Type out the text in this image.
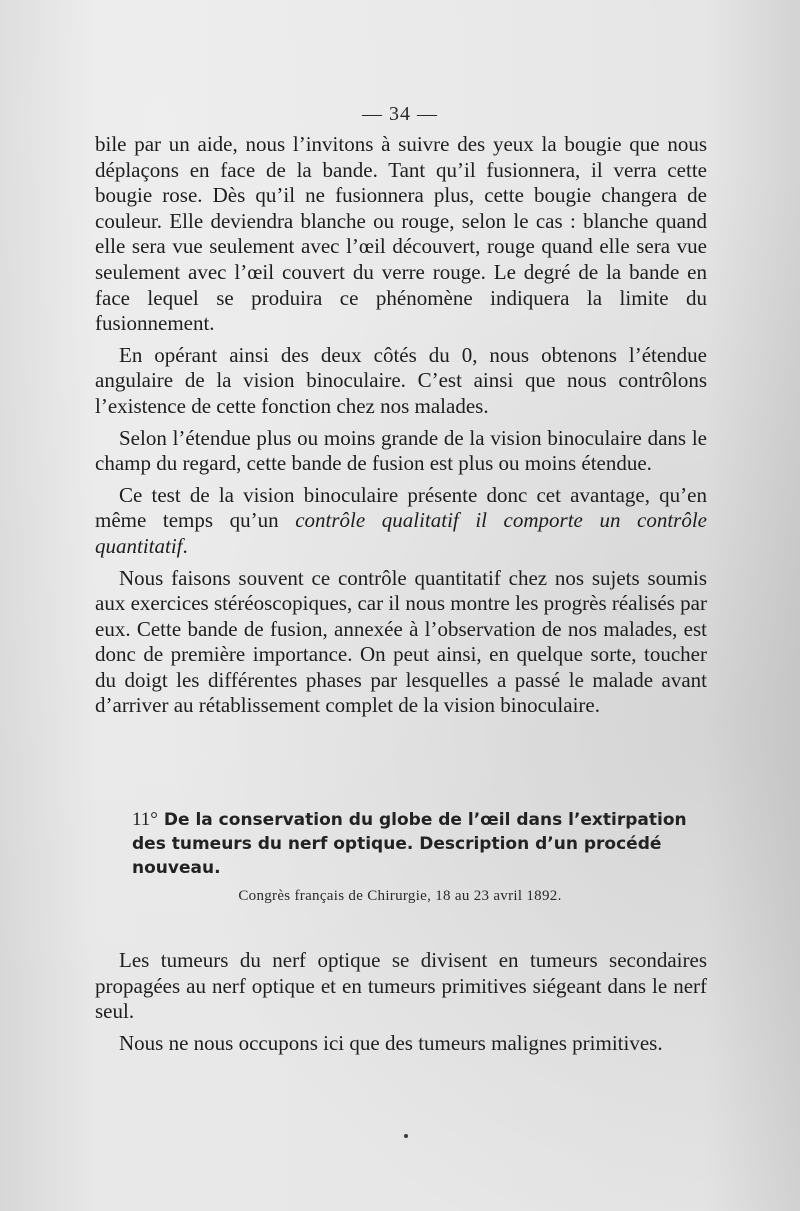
— 34 —

bile par un aide, nous l’invitons à suivre des yeux la bougie que nous déplaçons en face de la bande. Tant qu’il fusionnera, il verra cette bougie rose. Dès qu’il ne fusionnera plus, cette bougie changera de couleur. Elle deviendra blanche ou rouge, selon le cas : blanche quand elle sera vue seulement avec l’œil découvert, rouge quand elle sera vue seulement avec l’œil couvert du verre rouge. Le degré de la bande en face lequel se produira ce phénomène indiquera la limite du fusionnement.

En opérant ainsi des deux côtés du 0, nous obtenons l’étendue angulaire de la vision binoculaire. C’est ainsi que nous contrôlons l’existence de cette fonction chez nos malades.

Selon l’étendue plus ou moins grande de la vision binoculaire dans le champ du regard, cette bande de fusion est plus ou moins étendue.

Ce test de la vision binoculaire présente donc cet avantage, qu’en même temps qu’un contrôle qualitatif il comporte un contrôle quantitatif.

Nous faisons souvent ce contrôle quantitatif chez nos sujets soumis aux exercices stéréoscopiques, car il nous montre les progrès réalisés par eux. Cette bande de fusion, annexée à l’observation de nos malades, est donc de première importance. On peut ainsi, en quelque sorte, toucher du doigt les différentes phases par lesquelles a passé le malade avant d’arriver au rétablissement complet de la vision binoculaire.

11° De la conservation du globe de l’œil dans l’extirpation des tumeurs du nerf optique. Description d’un procédé nouveau.
Congrès français de Chirurgie, 18 au 23 avril 1892.

Les tumeurs du nerf optique se divisent en tumeurs secondaires propagées au nerf optique et en tumeurs primitives siégeant dans le nerf seul.

Nous ne nous occupons ici que des tumeurs malignes primitives.
